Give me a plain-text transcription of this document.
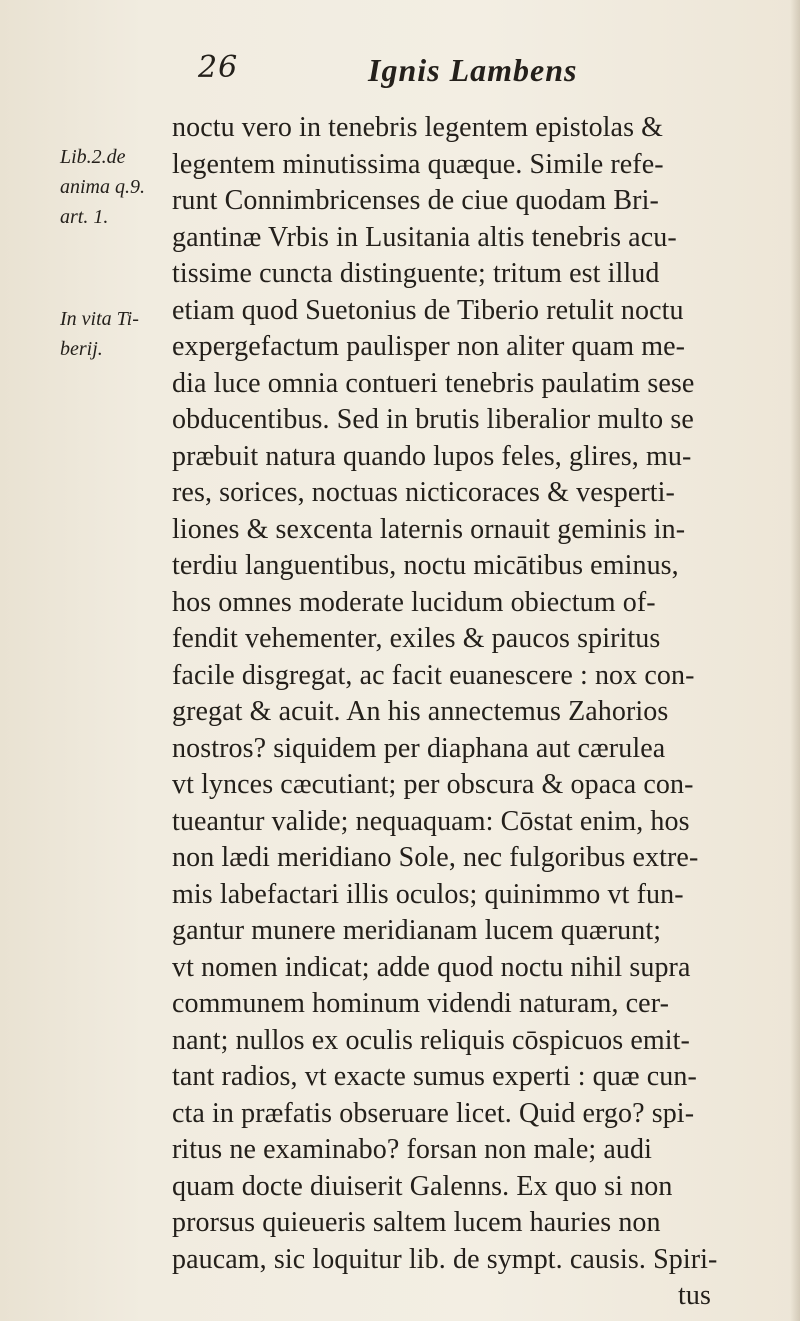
26	Ignis Lambens
Lib.2.de
anima q.9.
art. 1.
In vita Ti-
berij.
noctu vero in tenebris legentem epistolas &
legentem minutissima quæque. Simile refe-
runt Connimbricenses de ciue quodam Bri-
gantinæ Vrbis in Lusitania altis tenebris acu-
tissime cuncta distinguente; tritum est illud
etiam quod Suetonius de Tiberio retulit noctu
expergefactum paulisper non aliter quam me-
dia luce omnia contueri tenebris paulatim sese
obducentibus. Sed in brutis liberalior multo se
præbuit natura quando lupos feles, glires, mu-
res, sorices, noctuas nicticoraces & vesperti-
liones & sexcenta laternis ornauit geminis in-
terdiu languentibus, noctu micātibus eminus,
hos omnes moderate lucidum obiectum of-
fendit vehementer, exiles & paucos spiritus
facile disgregat, ac facit euanescere : nox con-
gregat & acuit. An his annectemus Zahorios
nostros? siquidem per diaphana aut cærulea
vt lynces cæcutiant; per obscura & opaca con-
tueantur valide; nequaquam: Cōstat enim, hos
non lædi meridiano Sole, nec fulgoribus extre-
mis labefactari illis oculos; quinimmo vt fun-
gantur munere meridianam lucem quærunt;
vt nomen indicat; adde quod noctu nihil supra
communem hominum videndi naturam, cer-
nant; nullos ex oculis reliquis cōspicuos emit-
tant radios, vt exacte sumus experti : quæ cun-
cta in præfatis obseruare licet. Quid ergo? spi-
ritus ne examinabo? forsan non male; audi
quam docte diuiserit Galenns. Ex quo si non
prorsus quieueris saltem lucem hauries non
paucam, sic loquitur lib. de sympt. causis. Spiri-
tus
